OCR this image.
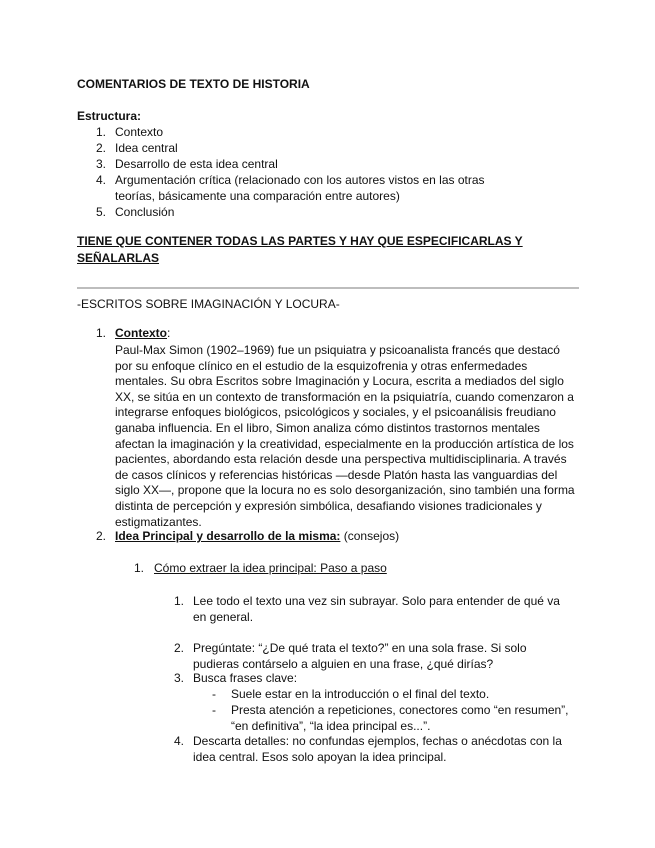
COMENTARIOS DE TEXTO DE HISTORIA
Estructura:
1. Contexto
2. Idea central
3. Desarrollo de esta idea central
4. Argumentación crítica (relacionado con los autores vistos en las otras teorías, básicamente una comparación entre autores)
5. Conclusión
TIENE QUE CONTENER TODAS LAS PARTES Y HAY QUE ESPECIFICARLAS Y SEÑALARLAS
-ESCRITOS SOBRE IMAGINACIÓN Y LOCURA-
1. Contexto:

Paul-Max Simon (1902–1969) fue un psiquiatra y psicoanalista francés que destacó por su enfoque clínico en el estudio de la esquizofrenia y otras enfermedades mentales. Su obra Escritos sobre Imaginación y Locura, escrita a mediados del siglo XX, se sitúa en un contexto de transformación en la psiquiatría, cuando comenzaron a integrarse enfoques biológicos, psicológicos y sociales, y el psicoanálisis freudiano ganaba influencia. En el libro, Simon analiza cómo distintos trastornos mentales afectan la imaginación y la creatividad, especialmente en la producción artística de los pacientes, abordando esta relación desde una perspectiva multidisciplinaria. A través de casos clínicos y referencias históricas —desde Platón hasta las vanguardias del siglo XX—, propone que la locura no es solo desorganización, sino también una forma distinta de percepción y expresión simbólica, desafiando visiones tradicionales y estigmatizantes.

2. Idea Principal y desarrollo de la misma: (consejos)
1. Cómo extraer la idea principal: Paso a paso
1. Lee todo el texto una vez sin subrayar. Solo para entender de qué va en general.
2. Pregúntate: “¿De qué trata el texto?” en una sola frase. Si solo pudieras contárselo a alguien en una frase, ¿qué dirías?
3. Busca frases clave:
- Suele estar en la introducción o el final del texto.
- Presta atención a repeticiones, conectores como “en resumen”, “en definitiva”, “la idea principal es...”.
4. Descarta detalles: no confundas ejemplos, fechas o anécdotas con la idea central. Esos solo apoyan la idea principal.
